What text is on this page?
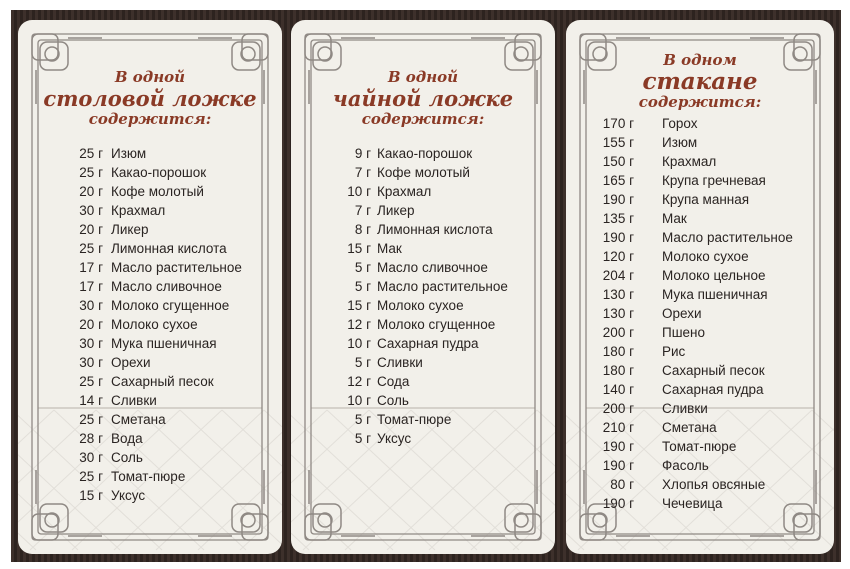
В одной
столовой ложке
содержится:
25 г Изюм
25 г Какао-порошок
20 г Кофе молотый
30 г Крахмал
20 г Ликер
25 г Лимонная кислота
17 г Масло растительное
17 г Масло сливочное
30 г Молоко сгущенное
20 г Молоко сухое
30 г Мука пшеничная
30 г Орехи
25 г Сахарный песок
14 г Сливки
25 г Сметана
28 г Вода
30 г Соль
25 г Томат-пюре
15 г Уксус
В одной
чайной ложке
содержится:
9 г Какао-порошок
7 г Кофе молотый
10 г Крахмал
7 г Ликер
8 г Лимонная кислота
15 г Мак
5 г Масло сливочное
5 г Масло растительное
15 г Молоко сухое
12 г Молоко сгущенное
10 г Сахарная пудра
5 г Сливки
12 г Сода
10 г Соль
5 г Томат-пюре
5 г Уксус
В одном
стакане
содержится:
170 г Горох
155 г Изюм
150 г Крахмал
165 г Крупа гречневая
190 г Крупа манная
135 г Мак
190 г Масло растительное
120 г Молоко сухое
204 г Молоко цельное
130 г Мука пшеничная
130 г Орехи
200 г Пшено
180 г Рис
180 г Сахарный песок
140 г Сахарная пудра
200 г Сливки
210 г Сметана
190 г Томат-пюре
190 г Фасоль
80 г Хлопья овсяные
190 г Чечевица
